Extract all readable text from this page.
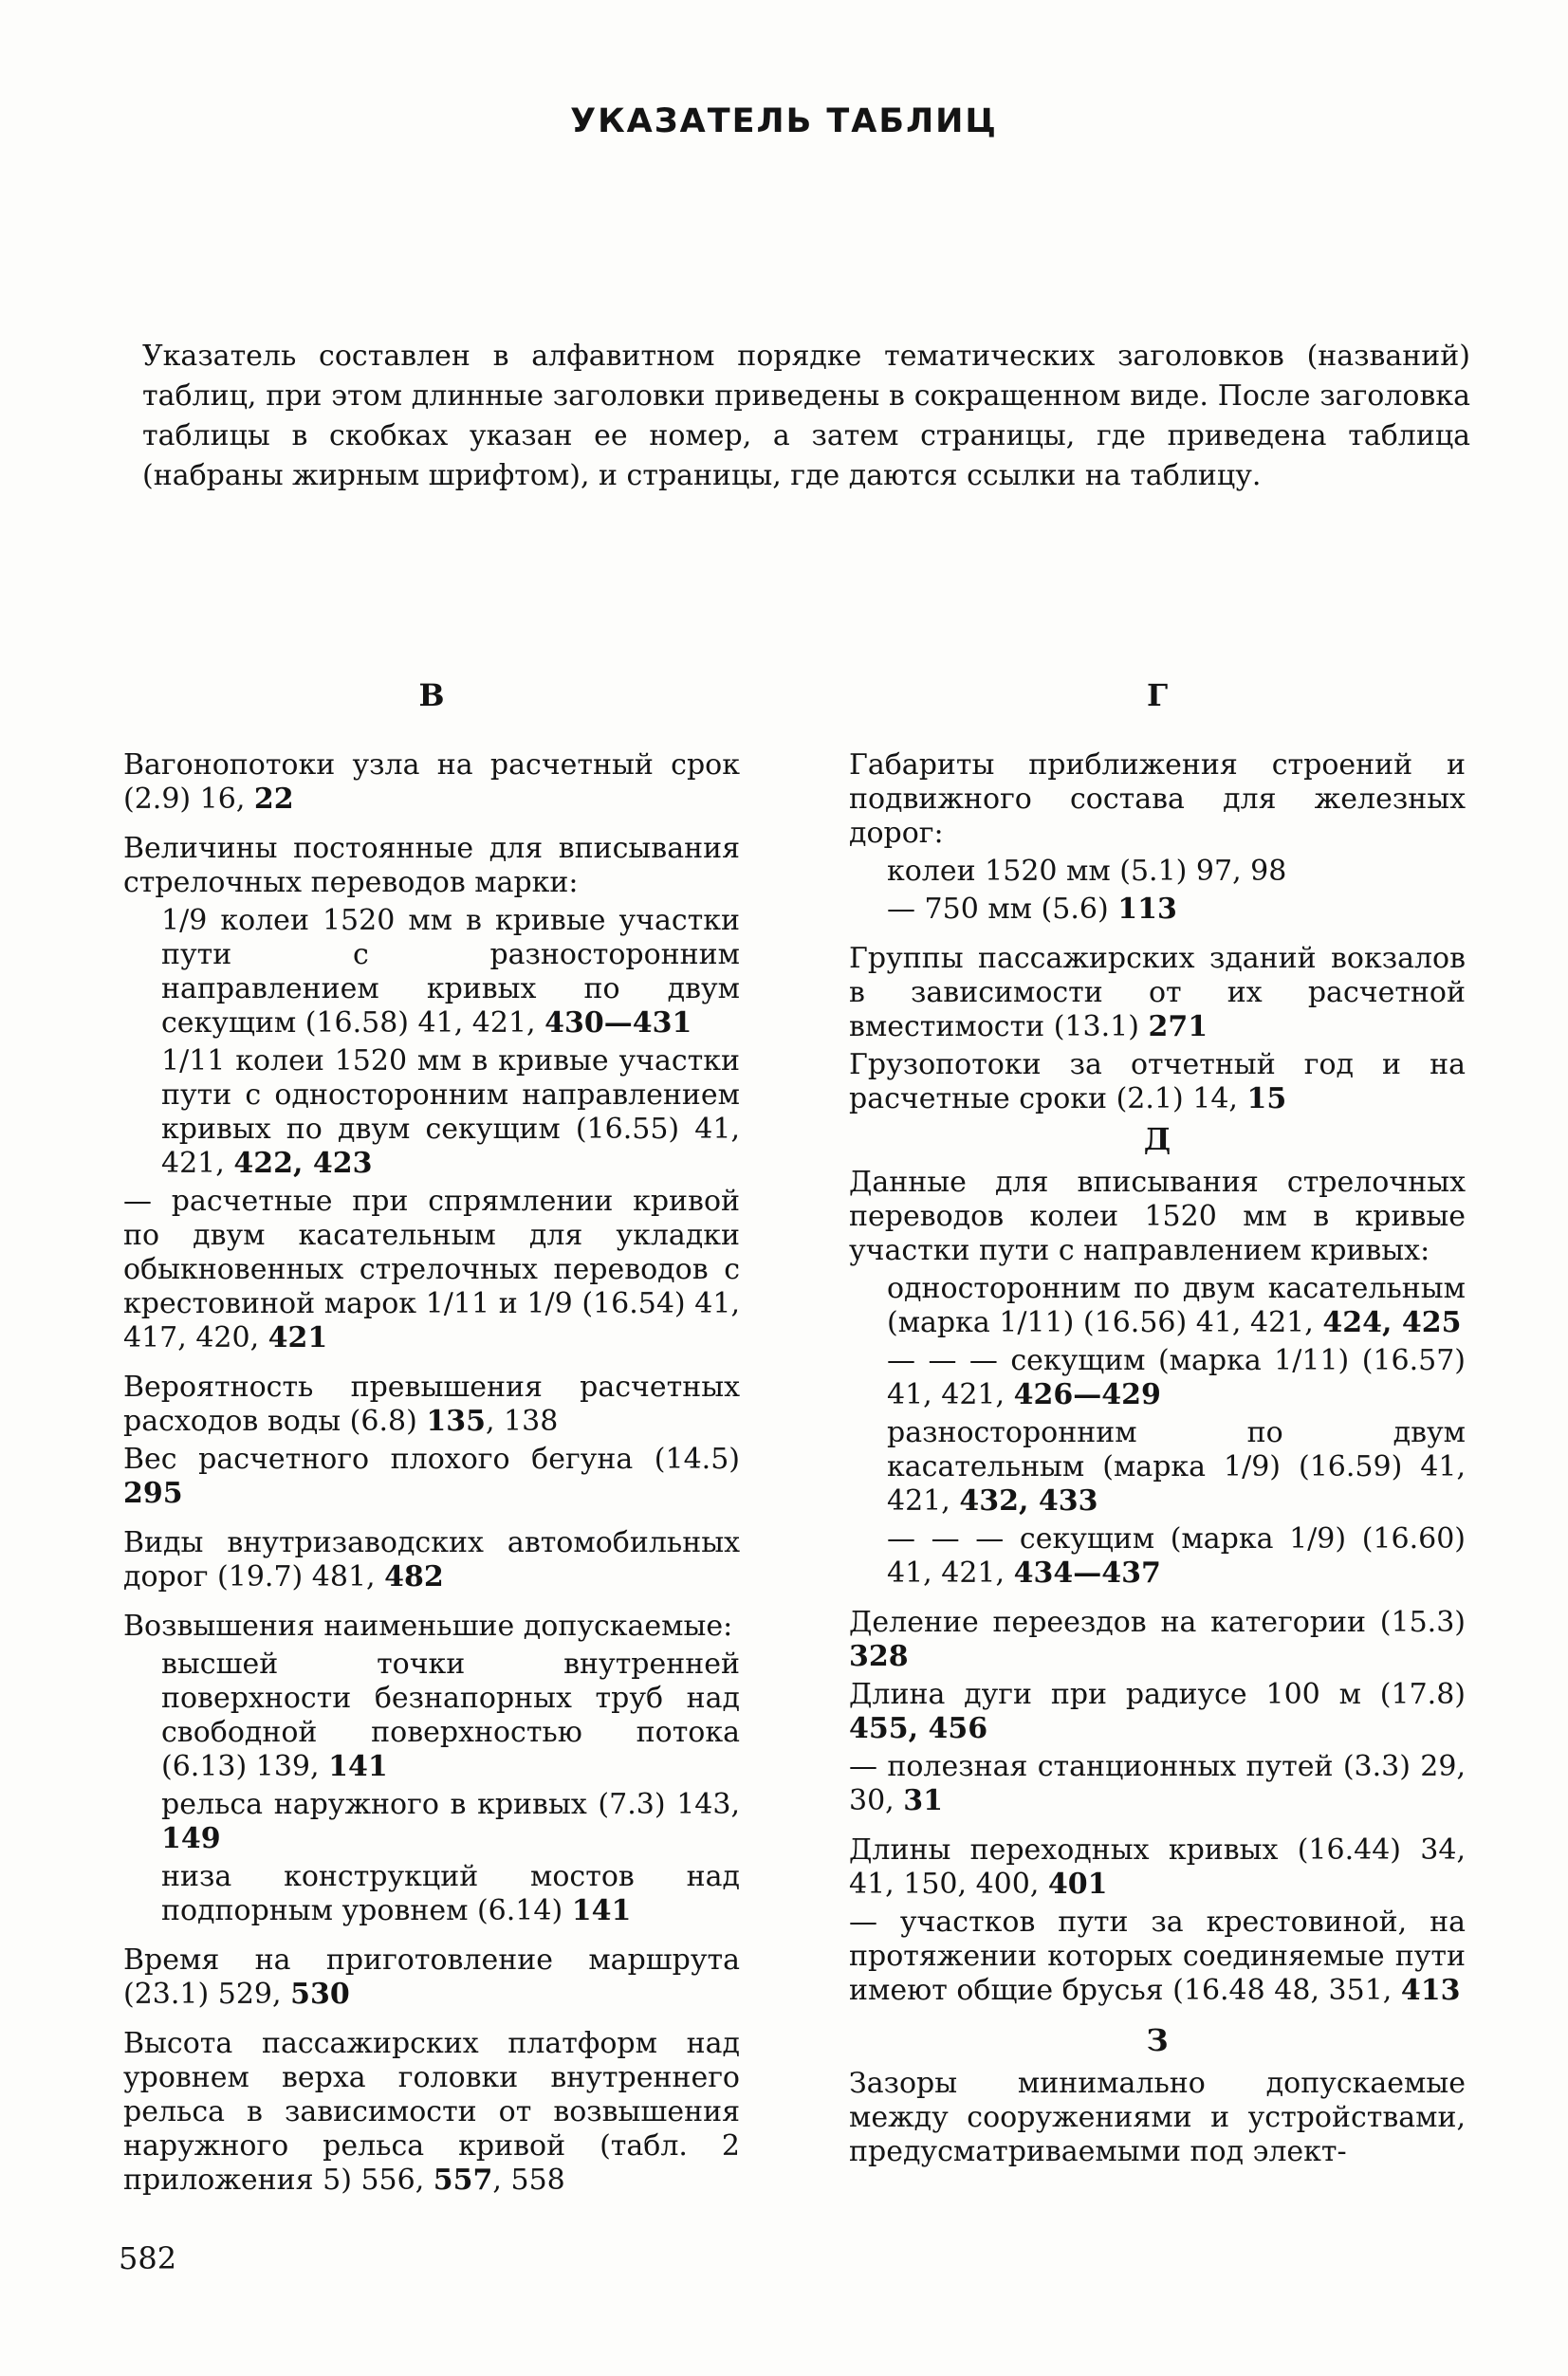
УКАЗАТЕЛЬ ТАБЛИЦ
Указатель составлен в алфавитном порядке тематических заголовков (названий) таблиц, при этом длинные заголовки приведены в сокращенном виде. После заголовка таблицы в скобках указан ее номер, а затем страницы, где приведена таблица (набраны жирным шрифтом), и страницы, где даются ссылки на таблицу.
В
Вагонопотоки узла на расчетный срок (2.9) 16, 22
Величины постоянные для вписывания стрелочных переводов марки:
1/9 колеи 1520 мм в кривые участки пути с разносторонним направлением кривых по двум секущим (16.58) 41, 421, 430—431
1/11 колеи 1520 мм в кривые участки пути с односторонним направлением кривых по двум секущим (16.55) 41, 421, 422, 423
— расчетные при спрямлении кривой по двум касательным для укладки обыкновенных стрелочных переводов с крестовиной марок 1/11 и 1/9 (16.54) 41, 417, 420, 421
Вероятность превышения расчетных расходов воды (6.8) 135, 138
Вес расчетного плохого бегуна (14.5) 295
Виды внутризаводских автомобильных дорог (19.7) 481, 482
Возвышения наименьшие допускаемые:
высшей точки внутренней поверхности безнапорных труб над свободной поверхностью потока (6.13) 139, 141
рельса наружного в кривых (7.3) 143, 149
низа конструкций мостов над подпорным уровнем (6.14) 141
Время на приготовление маршрута (23.1) 529, 530
Высота пассажирских платформ над уровнем верха головки внутреннего рельса в зависимости от возвышения наружного рельса кривой (табл. 2 приложения 5) 556, 557, 558
Г
Габариты приближения строений и подвижного состава для железных дорог:
колеи 1520 мм (5.1) 97, 98
— 750 мм (5.6) 113
Группы пассажирских зданий вокзалов в зависимости от их расчетной вместимости (13.1) 271
Грузопотоки за отчетный год и на расчетные сроки (2.1) 14, 15
Д
Данные для вписывания стрелочных переводов колеи 1520 мм в кривые участки пути с направлением кривых:
односторонним по двум касательным (марка 1/11) (16.56) 41, 421, 424, 425
— — — секущим (марка 1/11) (16.57) 41, 421, 426—429
разносторонним по двум касательным (марка 1/9) (16.59) 41, 421, 432, 433
— — — секущим (марка 1/9) (16.60) 41, 421, 434—437
Деление переездов на категории (15.3) 328
Длина дуги при радиусе 100 м (17.8) 455, 456
— полезная станционных путей (3.3) 29, 30, 31
Длины переходных кривых (16.44) 34, 41, 150, 400, 401
— участков пути за крестовиной, на протяжении которых соединяемые пути имеют общие брусья (16.48 48, 351, 413
З
Зазоры минимально допускаемые между сооружениями и устройствами, предусматриваемыми под элект-
582
